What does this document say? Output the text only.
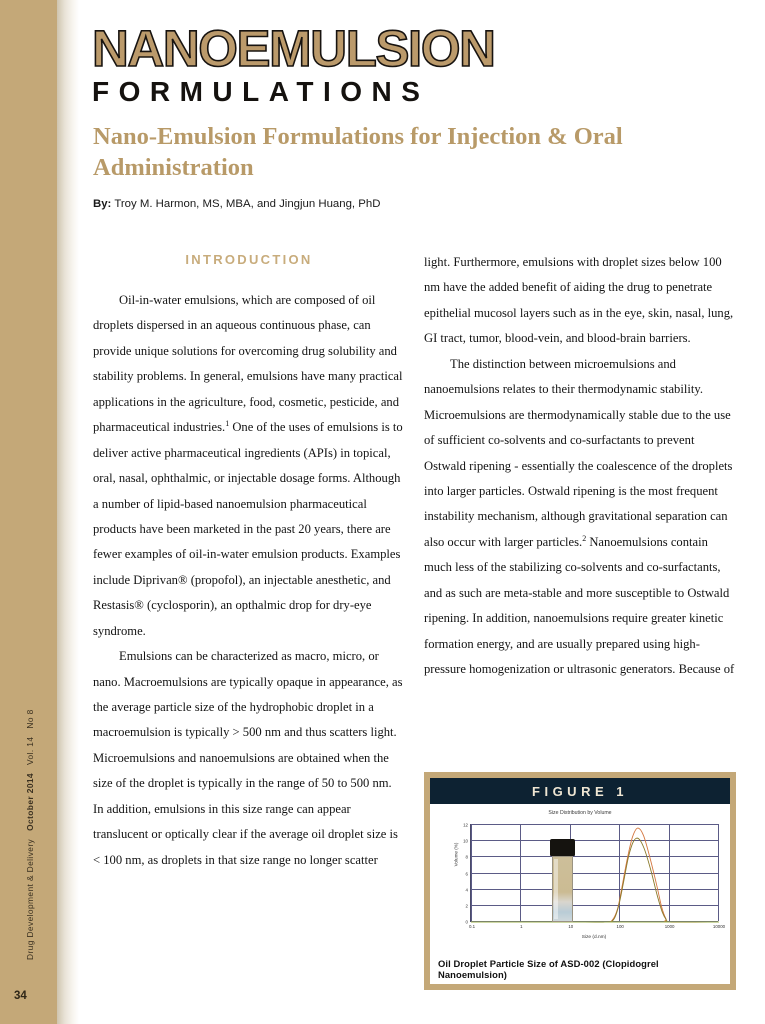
Drug Development & Delivery
October 2014
Vol. 14
No 8
34
NANOEMULSION
FORMULATIONS
Nano-Emulsion Formulations for Injection & Oral Administration
By: Troy M. Harmon, MS, MBA, and Jingjun Huang, PhD
INTRODUCTION

Oil-in-water emulsions, which are composed of oil droplets dispersed in an aqueous continuous phase, can provide unique solutions for overcoming drug solubility and stability problems. In general, emulsions have many practical applications in the agriculture, food, cosmetic, pesticide, and pharmaceutical industries.$^1$ One of the uses of emulsions is to deliver active pharmaceutical ingredients (APIs) in topical, oral, nasal, ophthalmic, or injectable dosage forms. Although a number of lipid-based nanoemulsion pharmaceutical products have been marketed in the past 20 years, there are fewer examples of oil-in-water emulsion products. Examples include Diprivan® (propofol), an injectable anesthetic, and Restasis® (cyclosporin), an opthalmic drop for dry-eye syndrome.

Emulsions can be characterized as macro, micro, or nano. Macroemulsions are typically opaque in appearance, as the average particle size of the hydrophobic droplet in a macroemulsion is typically > 500 nm and thus scatters light. Microemulsions and nanoemulsions are obtained when the size of the droplet is typically in the range of 50 to 500 nm. In addition, emulsions in this size range can appear translucent or optically clear if the average oil droplet size is < 100 nm, as droplets in that size range no longer scatter

light. Furthermore, emulsions with droplet sizes below 100 nm have the added benefit of aiding the drug to penetrate epithelial mucosol layers such as in the eye, skin, nasal, lung, GI tract, tumor, blood-vein, and blood-brain barriers.

The distinction between microemulsions and nanoemulsions relates to their thermodynamic stability. Microemulsions are thermodynamically stable due to the use of sufficient co-solvents and co-surfactants to prevent Ostwald ripening - essentially the coalescence of the droplets into larger particles. Ostwald ripening is the most frequent instability mechanism, although gravitational separation can also occur with larger particles.$^2$ Nanoemulsions contain much less of the stabilizing co-solvents and co-surfactants, and as such are meta-stable and more susceptible to Ostwald ripening. In addition, nanoemulsions require greater kinetic formation energy, and are usually prepared using high-pressure homogenization or ultrasonic generators. Because of

FIGURE 1
Size Distribution by Volume
Volume (%)
Size (d.nm)
12
10
8
6
4
2
0
0.1	1	10	100	1000	10000
Oil Droplet Particle Size of ASD-002 (Clopidogrel Nanoemulsion)
